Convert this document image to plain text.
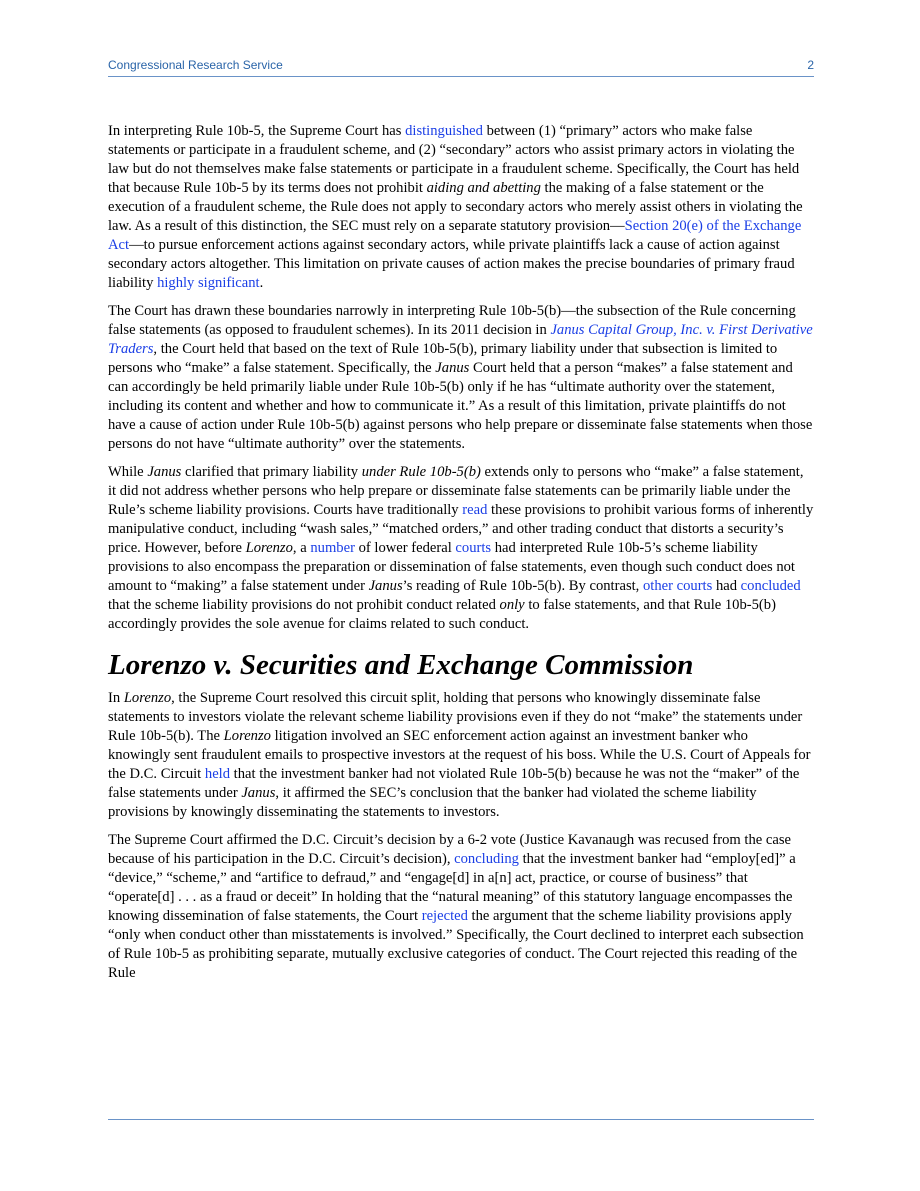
Congressional Research Service	2

In interpreting Rule 10b-5, the Supreme Court has distinguished between (1) “primary” actors who make false statements or participate in a fraudulent scheme, and (2) “secondary” actors who assist primary actors in violating the law but do not themselves make false statements or participate in a fraudulent scheme. Specifically, the Court has held that because Rule 10b-5 by its terms does not prohibit aiding and abetting the making of a false statement or the execution of a fraudulent scheme, the Rule does not apply to secondary actors who merely assist others in violating the law. As a result of this distinction, the SEC must rely on a separate statutory provision—Section 20(e) of the Exchange Act—to pursue enforcement actions against secondary actors, while private plaintiffs lack a cause of action against secondary actors altogether. This limitation on private causes of action makes the precise boundaries of primary fraud liability highly significant.

The Court has drawn these boundaries narrowly in interpreting Rule 10b-5(b)—the subsection of the Rule concerning false statements (as opposed to fraudulent schemes). In its 2011 decision in Janus Capital Group, Inc. v. First Derivative Traders, the Court held that based on the text of Rule 10b-5(b), primary liability under that subsection is limited to persons who “make” a false statement. Specifically, the Janus Court held that a person “makes” a false statement and can accordingly be held primarily liable under Rule 10b-5(b) only if he has “ultimate authority over the statement, including its content and whether and how to communicate it.” As a result of this limitation, private plaintiffs do not have a cause of action under Rule 10b-5(b) against persons who help prepare or disseminate false statements when those persons do not have “ultimate authority” over the statements.

While Janus clarified that primary liability under Rule 10b-5(b) extends only to persons who “make” a false statement, it did not address whether persons who help prepare or disseminate false statements can be primarily liable under the Rule’s scheme liability provisions. Courts have traditionally read these provisions to prohibit various forms of inherently manipulative conduct, including “wash sales,” “matched orders,” and other trading conduct that distorts a security’s price. However, before Lorenzo, a number of lower federal courts had interpreted Rule 10b-5’s scheme liability provisions to also encompass the preparation or dissemination of false statements, even though such conduct does not amount to “making” a false statement under Janus’s reading of Rule 10b-5(b). By contrast, other courts had concluded that the scheme liability provisions do not prohibit conduct related only to false statements, and that Rule 10b-5(b) accordingly provides the sole avenue for claims related to such conduct.

Lorenzo v. Securities and Exchange Commission

In Lorenzo, the Supreme Court resolved this circuit split, holding that persons who knowingly disseminate false statements to investors violate the relevant scheme liability provisions even if they do not “make” the statements under Rule 10b-5(b). The Lorenzo litigation involved an SEC enforcement action against an investment banker who knowingly sent fraudulent emails to prospective investors at the request of his boss. While the U.S. Court of Appeals for the D.C. Circuit held that the investment banker had not violated Rule 10b-5(b) because he was not the “maker” of the false statements under Janus, it affirmed the SEC’s conclusion that the banker had violated the scheme liability provisions by knowingly disseminating the statements to investors.

The Supreme Court affirmed the D.C. Circuit’s decision by a 6-2 vote (Justice Kavanaugh was recused from the case because of his participation in the D.C. Circuit’s decision), concluding that the investment banker had “employ[ed]” a “device,” “scheme,” and “artifice to defraud,” and “engage[d] in a[n] act, practice, or course of business” that “operate[d] . . . as a fraud or deceit” In holding that the “natural meaning” of this statutory language encompasses the knowing dissemination of false statements, the Court rejected the argument that the scheme liability provisions apply “only when conduct other than misstatements is involved.” Specifically, the Court declined to interpret each subsection of Rule 10b-5 as prohibiting separate, mutually exclusive categories of conduct. The Court rejected this reading of the Rule
